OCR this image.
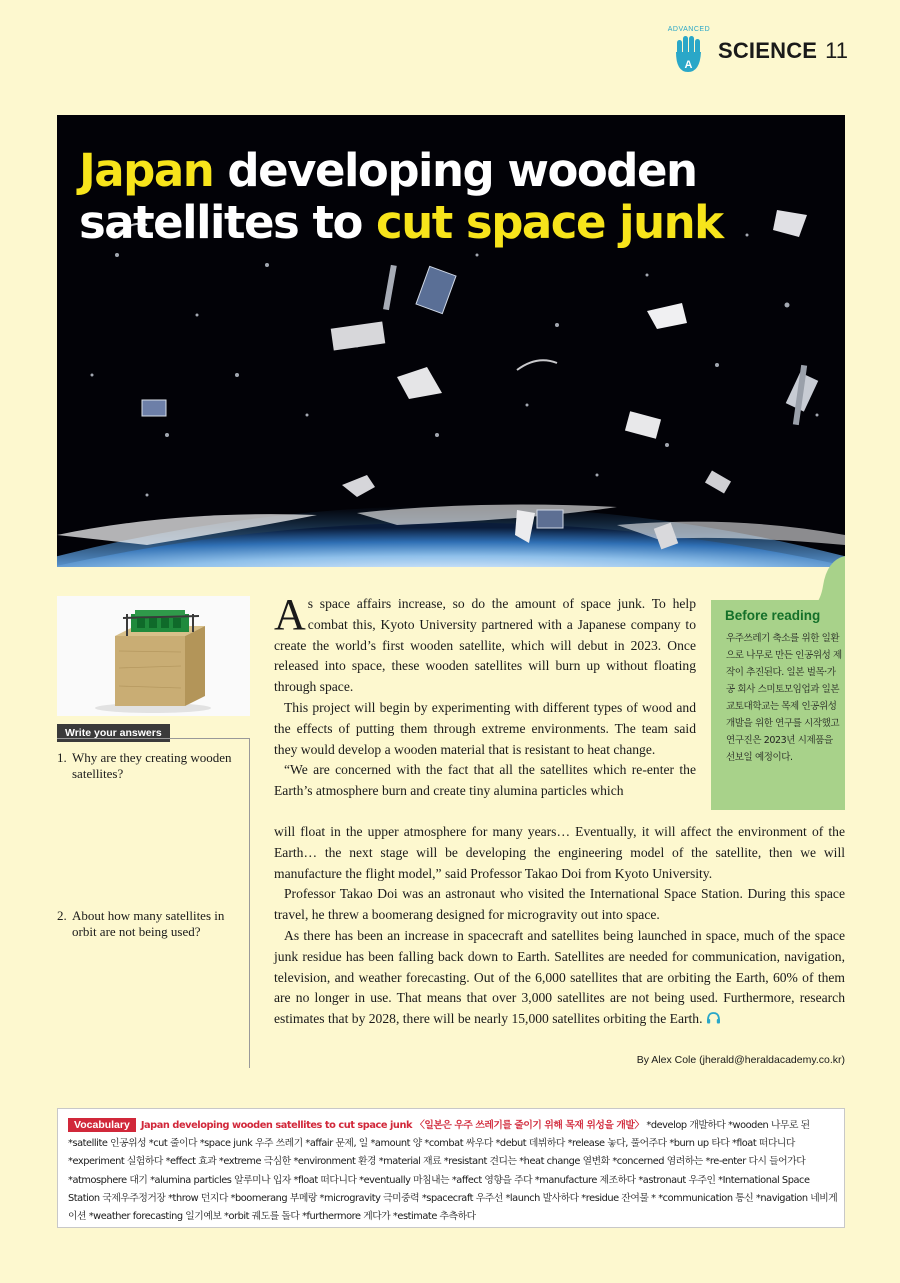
ADVANCED
A
SCIENCE 11
Japan developing wooden
satellites to cut space junk
Write your answers
1. Why are they creating wooden satellites?
2. About how many satellites in orbit are not being used?
Before reading
우주쓰레기 축소를 위한 일환으로 나무로 만든 인공위성 제작이 추진된다. 일본 벌목·가공 회사 스미토모임업과 일본 교토대학교는 목제 인공위성 개발을 위한 연구를 시작했고 연구진은 2023년 시제품을 선보일 예정이다.

As space affairs increase, so do the amount of space junk. To help combat this, Kyoto University partnered with a Japanese company to create the world’s first wooden satellite, which will debut in 2023. Once released into space, these wooden satellites will burn up without floating through space.

This project will begin by experimenting with different types of wood and the effects of putting them through extreme environments. The team said they would develop a wooden material that is resistant to heat change.

“We are concerned with the fact that all the satellites which re-enter the Earth’s atmosphere burn and create tiny alumina particles which

will float in the upper atmosphere for many years… Eventually, it will affect the environment of the Earth… the next stage will be developing the engineering model of the satellite, then we will manufacture the flight model,” said Professor Takao Doi from Kyoto University.

Professor Takao Doi was an astronaut who visited the International Space Station. During this space travel, he threw a boomerang designed for microgravity out into space.

As there has been an increase in spacecraft and satellites being launched in space, much of the space junk residue has been falling back down to Earth. Satellites are needed for communication, navigation, television, and weather forecasting. Out of the 6,000 satellites that are orbiting the Earth, 60% of them are no longer in use. That means that over 3,000 satellites are not being used. Furthermore, research estimates that by 2028, there will be nearly 15,000 satellites orbiting the Earth.

By Alex Cole (jherald@heraldacademy.co.kr)
Vocabulary Japan developing wooden satellites to cut space junk 〈일본은 우주 쓰레기를 줄이기 위해 목재 위성을 개발〉 *develop 개발하다 *wooden 나무로 된 *satellite 인공위성 *cut 줄이다 *space junk 우주 쓰레기 *affair 문제, 일 *amount 양 *combat 싸우다 *debut 데뷔하다 *release 놓다, 풀어주다 *burn up 타다 *float 떠다니다 *experiment 실험하다 *effect 효과 *extreme 극심한 *environment 환경 *material 재료 *resistant 견디는 *heat change 열변화 *concerned 염려하는 *re-enter 다시 들어가다 *atmosphere 대기 *alumina particles 알루미나 입자 *float 떠다니다 *eventually 마침내는 *affect 영향을 주다 *manufacture 제조하다 *astronaut 우주인 *International Space Station 국제우주정거장 *throw 던지다 *boomerang 부메랑 *microgravity 극미중력 *spacecraft 우주선 *launch 발사하다 *residue 잔여물 * *communication 통신 *navigation 네비게이션 *weather forecasting 일기예보 *orbit 궤도를 돌다 *furthermore 게다가 *estimate 추측하다
